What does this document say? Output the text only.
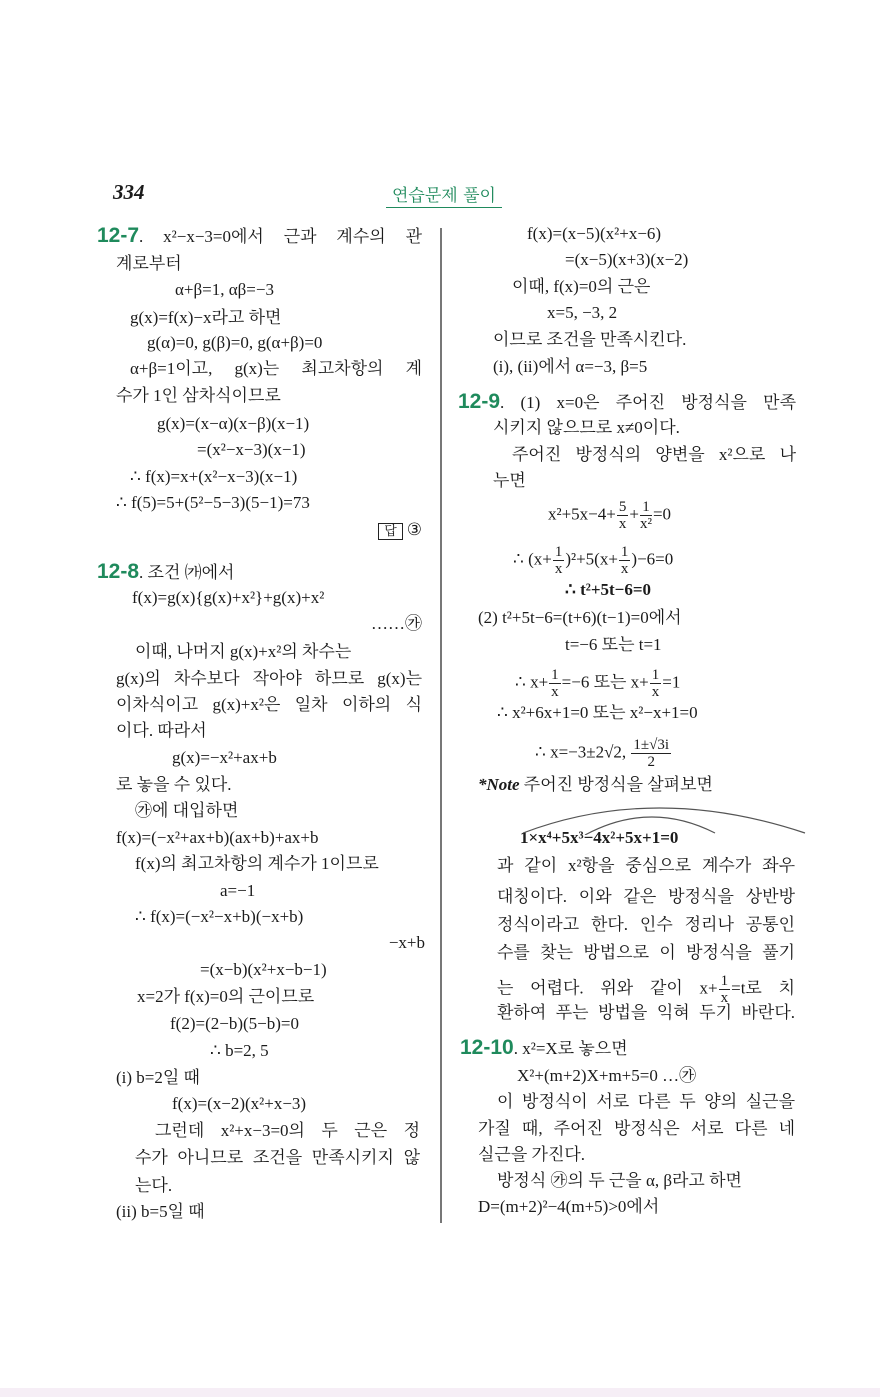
334	연습문제 풀이
12-7. x²−x−3=0에서 근과 계수의 관
계로부터
α+β=1, αβ=−3
g(x)=f(x)−x라고 하면
g(α)=0, g(β)=0, g(α+β)=0
α+β=1이고, g(x)는 최고차항의 계
수가 1인 삼차식이므로
g(x)=(x−α)(x−β)(x−1)
=(x²−x−3)(x−1)
∴ f(x)=x+(x²−x−3)(x−1)
∴ f(5)=5+(5²−5−3)(5−1)=73
답 ③
12-8. 조건 ㈎에서
f(x)=g(x){g(x)+x²}+g(x)+x²
……㉮
이때, 나머지 g(x)+x²의 차수는
g(x)의 차수보다 작아야 하므로 g(x)는
이차식이고 g(x)+x²은 일차 이하의 식
이다. 따라서
g(x)=−x²+ax+b
로 놓을 수 있다.
㉮에 대입하면
f(x)=(−x²+ax+b)(ax+b)+ax+b
f(x)의 최고차항의 계수가 1이므로
a=−1
∴ f(x)=(−x²−x+b)(−x+b)
−x+b
=(x−b)(x²+x−b−1)
x=2가 f(x)=0의 근이므로
f(2)=(2−b)(5−b)=0
∴ b=2, 5
(i) b=2일 때
f(x)=(x−2)(x²+x−3)
그런데 x²+x−3=0의 두 근은 정
수가 아니므로 조건을 만족시키지 않
는다.
(ii) b=5일 때
f(x)=(x−5)(x²+x−6)
=(x−5)(x+3)(x−2)
이때, f(x)=0의 근은
x=5, −3, 2
이므로 조건을 만족시킨다.
(i), (ii)에서 α=−3, β=5
12-9. (1) x=0은 주어진 방정식을 만족
시키지 않으므로 x≠0이다.
주어진 방정식의 양변을 x²으로 나
누면
$x^2+5x-4+ \frac{5}{x} + \frac{1}{\text{x²}} =0$
∴ $(x+ \frac{1}{x} )^2+5(x+ \frac{1}{x} )-6=0$
∴ t²+5t−6=0
(2) t²+5t−6=(t+6)(t−1)=0에서
t=−6 또는 t=1
∴ $x+ \frac{1}{x} =-6$ 또는 $x+ \frac{1}{x} =1$
∴ x²+6x+1=0 또는 x²−x+1=0
∴ x=−3±2√2, $\frac{1\pm√3i}{2}$
*Note 주어진 방정식을 살펴보면
1×x⁴+5x³−4x²+5x+1=0
과 같이 x²항을 중심으로 계수가 좌우
대칭이다. 이와 같은 방정식을 상반방
정식이라고 한다. 인수 정리나 공통인
수를 찾는 방법으로 이 방정식을 풀기
는 어렵다. 위와 같이 $x+ \frac{1}{x} =t$로 치
환하여 푸는 방법을 익혀 두기 바란다.
12-10. x²=X로 놓으면
X²+(m+2)X+m+5=0 …㉮
이 방정식이 서로 다른 두 양의 실근을
가질 때, 주어진 방정식은 서로 다른 네
실근을 가진다.
방정식 ㉮의 두 근을 α, β라고 하면
D=(m+2)²−4(m+5)>0에서
